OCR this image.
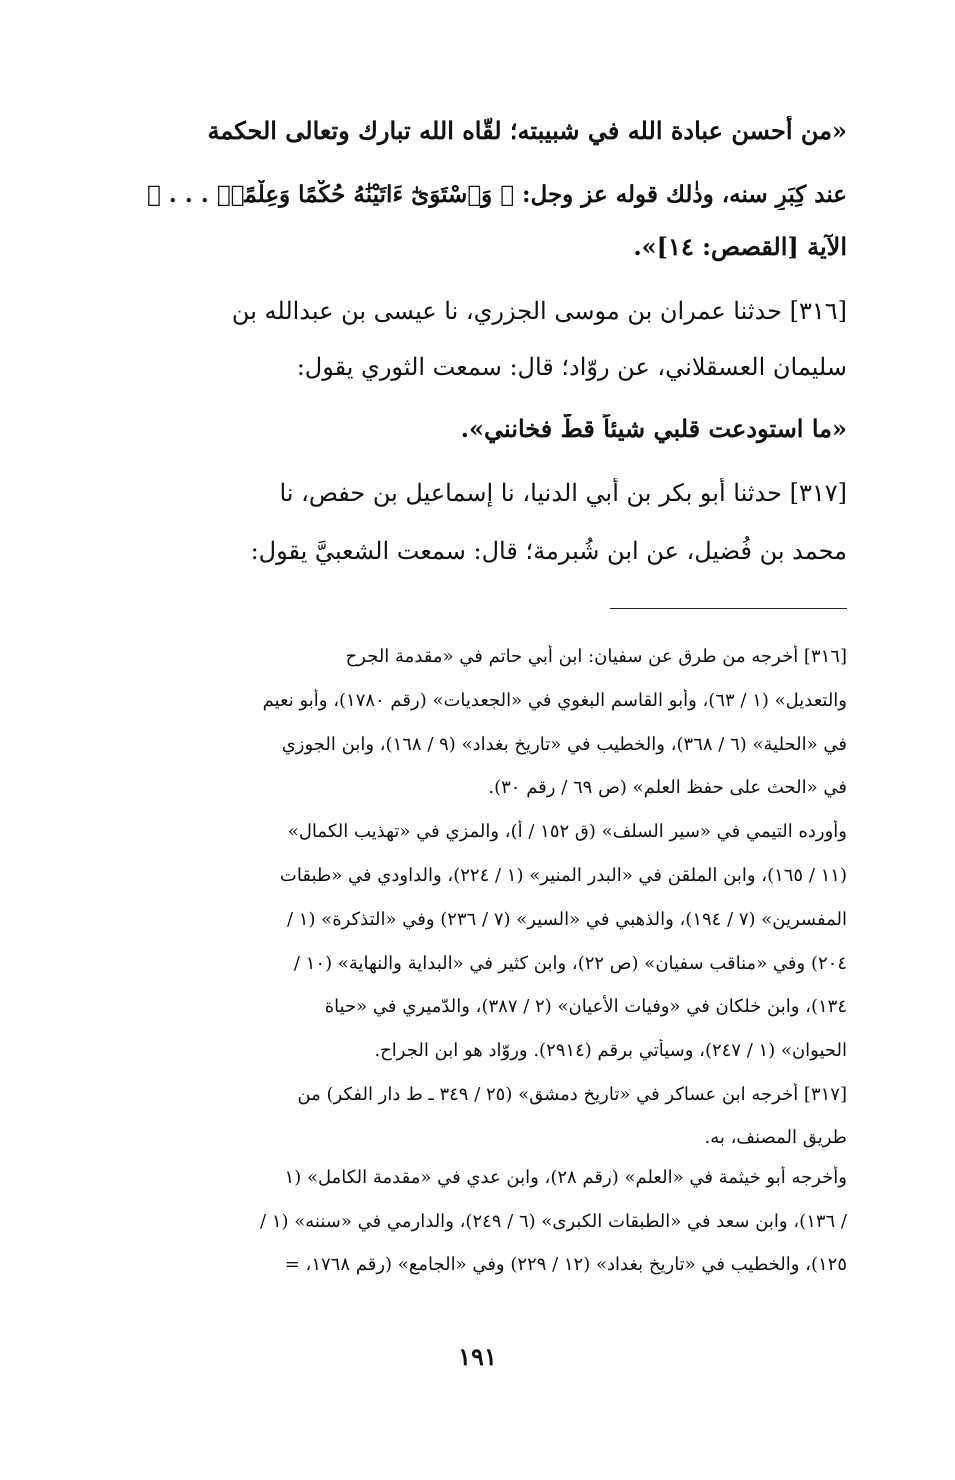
«من أحسن عبادة الله في شبيبته؛ لقّاه الله تبارك وتعالى الحكمة
عند كِبَرِ سنه، وذٰلك قوله عز وجل: ﴿ وَٱسْتَوَىٰٓ ءَاتَيْنَٰهُ حُكْمًا وَعِلْمًاۚ . . . ﴾
الآية [القصص: ١٤]».
[٣١٦] حدثنا عمران بن موسى الجزري، نا عيسى بن عبدالله بن
سليمان العسقلاني، عن روّاد؛ قال: سمعت الثوري يقول:
«ما استودعت قلبي شيئاً قطُّ فخانني».
[٣١٧] حدثنا أبو بكر بن أبي الدنيا، نا إسماعيل بن حفص، نا
محمد بن فُضيل، عن ابن شُبرمة؛ قال: سمعت الشعبيَّ يقول:
[٣١٦] أخرجه من طرق عن سفيان: ابن أبي حاتم في «مقدمة الجرح
والتعديل» (١ / ٦٣)، وأبو القاسم البغوي في «الجعديات» (رقم ١٧٨٠)، وأبو نعيم
في «الحلية» (٦ / ٣٦٨)، والخطيب في «تاريخ بغداد» (٩ / ١٦٨)، وابن الجوزي
في «الحث على حفظ العلم» (ص ٦٩ / رقم ٣٠).
وأورده التيمي في «سير السلف» (ق ١٥٢ / أ)، والمزي في «تهذيب الكمال»
(١١ / ١٦٥)، وابن الملقن في «البدر المنير» (١ / ٢٢٤)، والداودي في «طبقات
المفسرين» (٧ / ١٩٤)، والذهبي في «السير» (٧ / ٢٣٦) وفي «التذكرة» (١ /
٢٠٤) وفي «مناقب سفيان» (ص ٢٢)، وابن كثير في «البداية والنهاية» (١٠ /
١٣٤)، وابن خلكان في «وفيات الأعيان» (٢ / ٣٨٧)، والدّميري في «حياة
الحيوان» (١ / ٢٤٧)، وسيأتي برقم (٢٩١٤). وروّاد هو ابن الجراح.
[٣١٧] أخرجه ابن عساكر في «تاريخ دمشق» (٢٥ / ٣٤٩ ـ ط دار الفكر) من
طريق المصنف، به.
وأخرجه أبو خيثمة في «العلم» (رقم ٢٨)، وابن عدي في «مقدمة الكامل» (١
/ ١٣٦)، وابن سعد في «الطبقات الكبرى» (٦ / ٢٤٩)، والدارمي في «سننه» (١ /
١٢٥)، والخطيب في «تاريخ بغداد» (١٢ / ٢٢٩) وفي «الجامع» (رقم ١٧٦٨، =
١٩١
